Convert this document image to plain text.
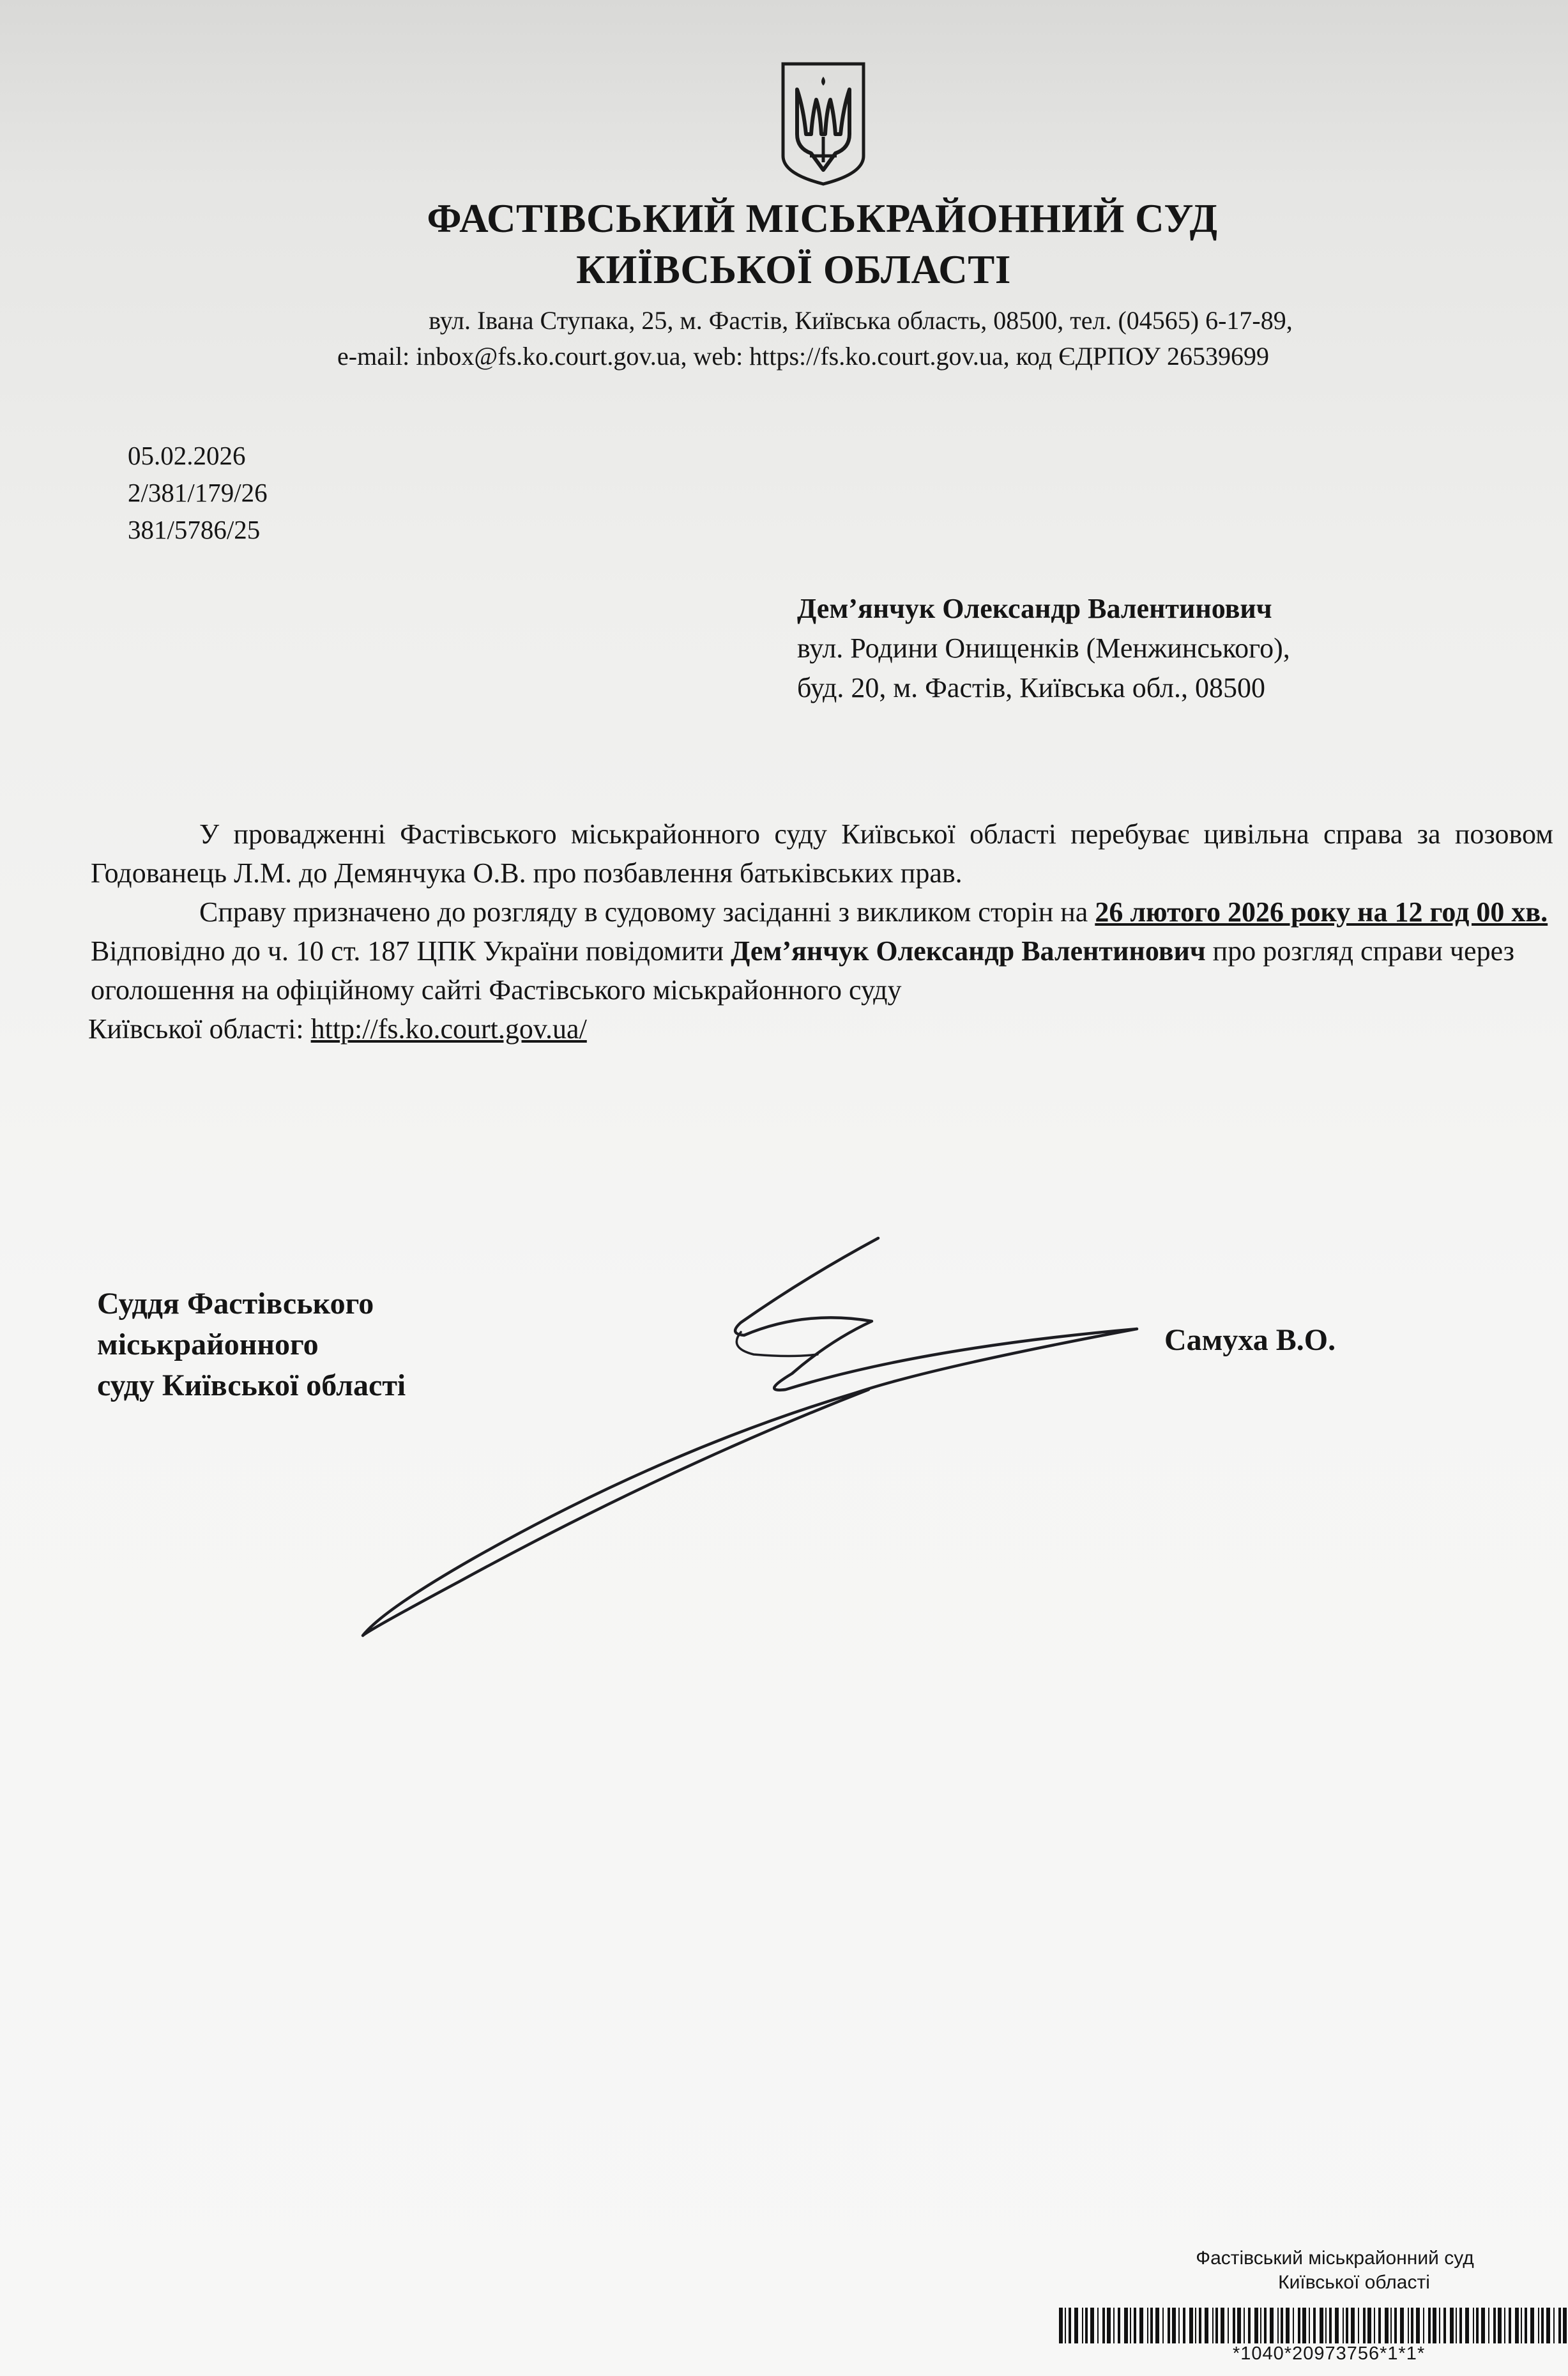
ФАСТІВСЬКИЙ МІСЬКРАЙОННИЙ СУД
КИЇВСЬКОЇ ОБЛАСТІ
вул. Івана Ступака, 25, м. Фастів, Київська область, 08500, тел. (04565) 6-17-89,
e-mail: inbox@fs.ko.court.gov.ua, web: https://fs.ko.court.gov.ua, код ЄДРПОУ 26539699
05.02.2026
2/381/179/26
381/5786/25
Дем’янчук Олександр Валентинович
вул. Родини Онищенків (Менжинського),
буд. 20, м. Фастів, Київська обл., 08500

У провадженні Фастівського міськрайонного суду Київської області перебуває цивільна справа за позовом Годованець Л.М. до Демянчука О.В. про позбавлення батьківських прав.

Справу призначено до розгляду в судовому засіданні з викликом сторін на 26 лютого 2026 року на 12 год 00 хв.

Відповідно до ч. 10 ст. 187 ЦПК України повідомити Дем’янчук Олександр Валентинович про розгляд справи через оголошення на офіційному сайті Фастівського міськрайонного суду

Київської області: http://fs.ko.court.gov.ua/

Суддя Фастівського
міськрайонного
суду Київської області
Самуха В.О.
Фастівський міськрайонний суд
Київської області
*1040*20973756*1*1*
